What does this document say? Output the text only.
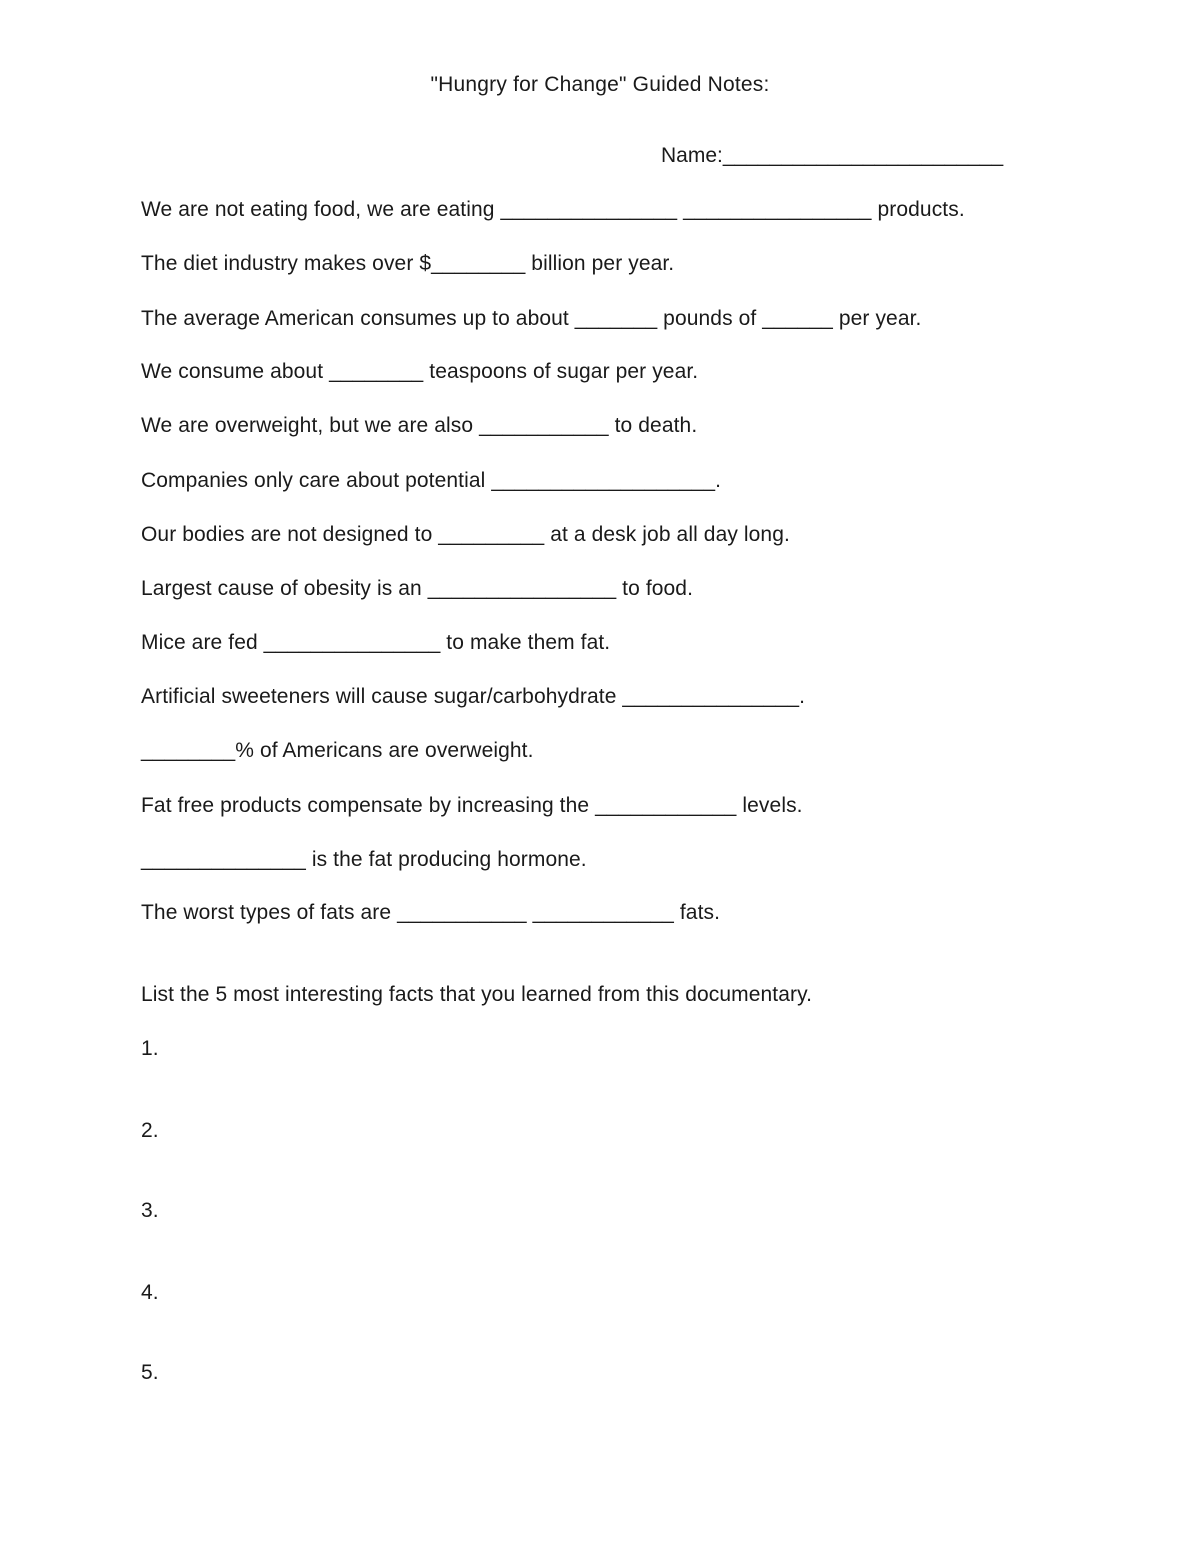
"Hungry for Change" Guided Notes:
Name:________________________
We are not eating food, we are eating _______________ ________________ products.
The diet industry makes over $________ billion per year.
The average American consumes up to about _______ pounds of ______ per year.
We consume about ________ teaspoons of sugar per year.
We are overweight, but we are also ___________ to death.
Companies only care about potential ___________________.
Our bodies are not designed to _________ at a desk job all day long.
Largest cause of obesity is an ________________ to food.
Mice are fed _______________ to make them fat.
Artificial sweeteners will cause sugar/carbohydrate _______________.
________% of Americans are overweight.
Fat free products compensate by increasing the ____________ levels.
______________ is the fat producing hormone.
The worst types of fats are ___________ ____________ fats.
List the 5 most interesting facts that you learned from this documentary.
1.
2.
3.
4.
5.
